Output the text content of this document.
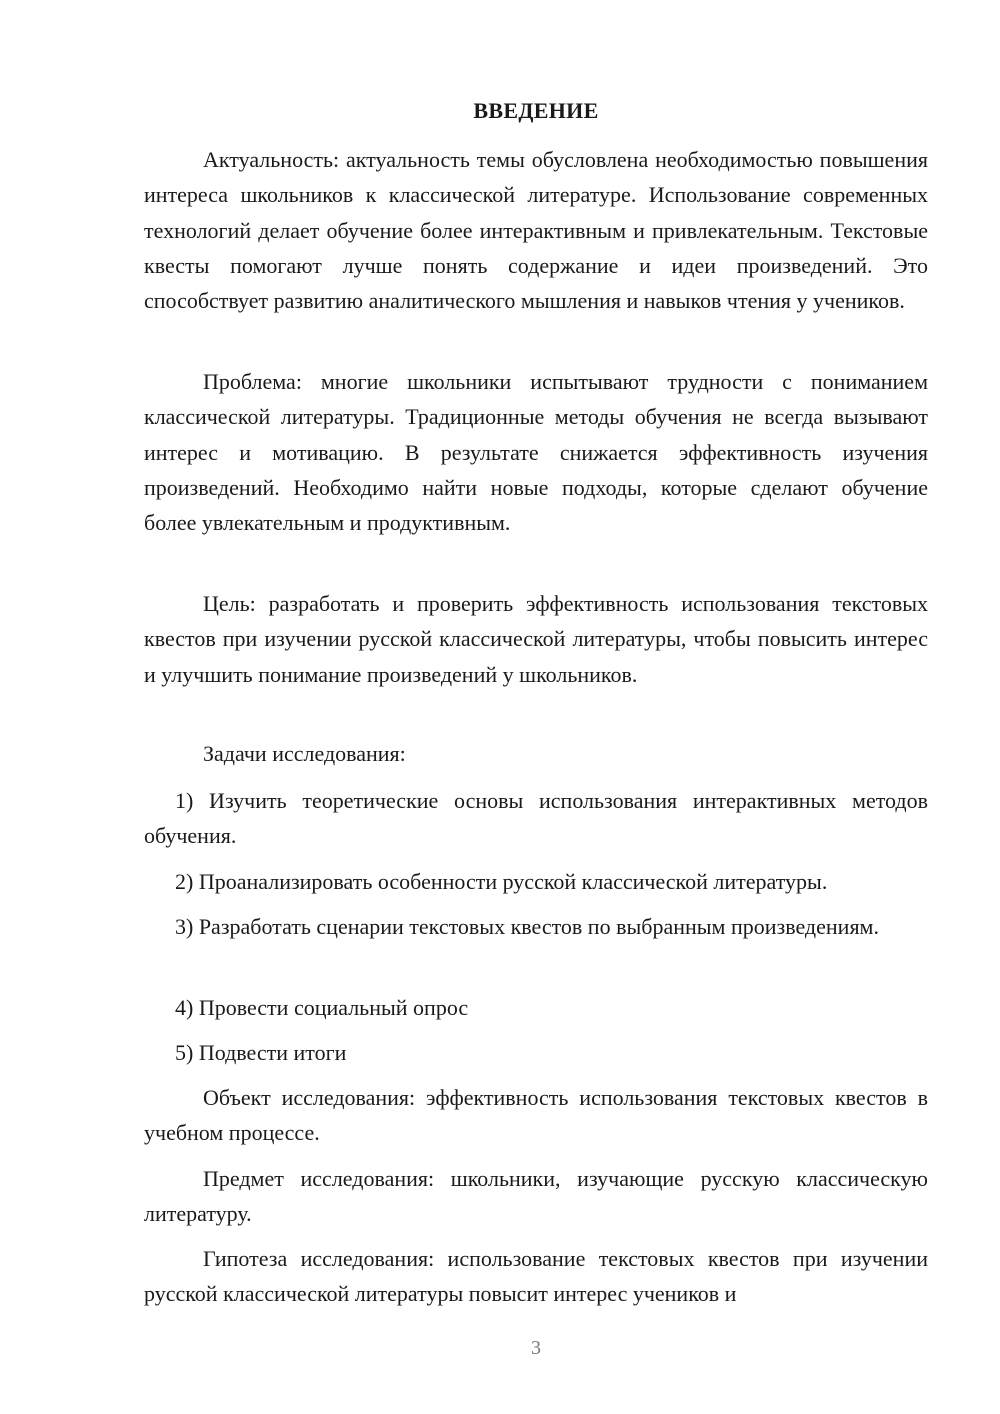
ВВЕДЕНИЕ

Актуальность: актуальность темы обусловлена необходимостью повышения интереса школьников к классической литературе. Использование современных технологий делает обучение более интерактивным и привлекательным. Текстовые квесты помогают лучше понять содержание и идеи произведений. Это способствует развитию аналитического мышления и навыков чтения у учеников.

Проблема: многие школьники испытывают трудности с пониманием классической литературы. Традиционные методы обучения не всегда вызывают интерес и мотивацию. В результате снижается эффективность изучения произведений. Необходимо найти новые подходы, которые сделают обучение более увлекательным и продуктивным.

Цель: разработать и проверить эффективность использования текстовых квестов при изучении русской классической литературы, чтобы повысить интерес и улучшить понимание произведений у школьников.

Задачи исследования:

1) Изучить теоретические основы использования интерактивных методов обучения.

2) Проанализировать особенности русской классической литературы.

3) Разработать сценарии текстовых квестов по выбранным произведениям.

4) Провести социальный опрос

5) Подвести итоги

Объект исследования: эффективность использования текстовых квестов в учебном процессе.

Предмет исследования: школьники, изучающие русскую классическую литературу.

Гипотеза исследования: использование текстовых квестов при изучении русской классической литературы повысит интерес учеников и

3
